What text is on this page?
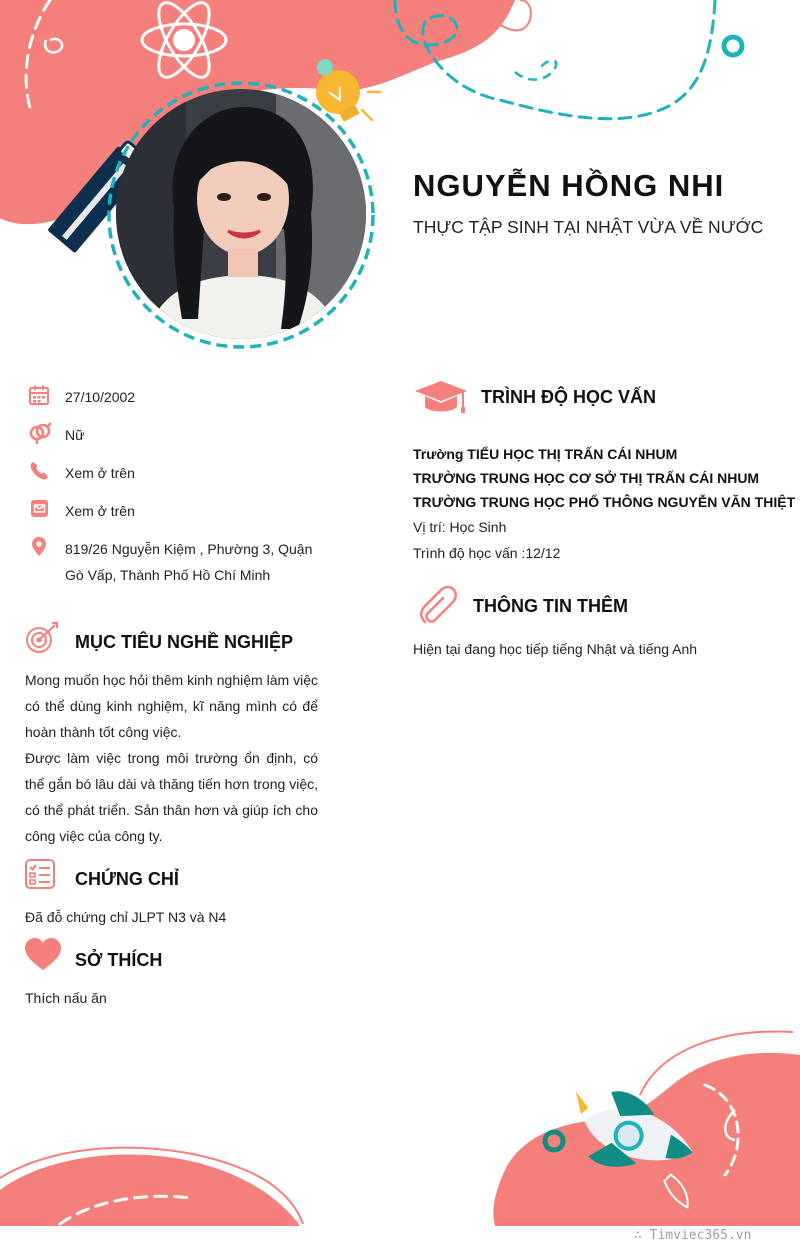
NGUYỄN HỒNG NHI
THỰC TẬP SINH TẠI NHẬT VỪA VỀ NƯỚC
27/10/2002
Nữ
Xem ở trên
Xem ở trên
819/26 Nguyễn Kiệm , Phường 3, Quận Gò Vấp, Thành Phố Hồ Chí Minh
MỤC TIÊU NGHỀ NGHIỆP

Mong muốn học hỏi thêm kinh nghiệm làm việc có thể dùng kinh nghiệm, kĩ năng mình có để hoàn thành tốt công việc.

Được làm việc trong môi trường ổn định, có thể gắn bó lâu dài và thăng tiến hơn trong việc, có thể phát triển. Sản thân hơn và giúp ích cho công việc của công ty.

CHỨNG CHỈ
Đã đỗ chứng chỉ JLPT N3 và N4
SỞ THÍCH
Thích nấu ăn
TRÌNH ĐỘ HỌC VẤN
Trường TIỂU HỌC THỊ TRẤN CÁI NHUM
TRƯỜNG TRUNG HỌC CƠ SỞ THỊ TRẤN CÁI NHUM
TRƯỜNG TRUNG HỌC PHỔ THÔNG NGUYỄN VĂN THIỆT
Vị trí: Học Sinh
Trình độ học vấn :12/12
THÔNG TIN THÊM
Hiện tại đang học tiếp tiếng Nhật và tiếng Anh
∴ Timviec365.vn
